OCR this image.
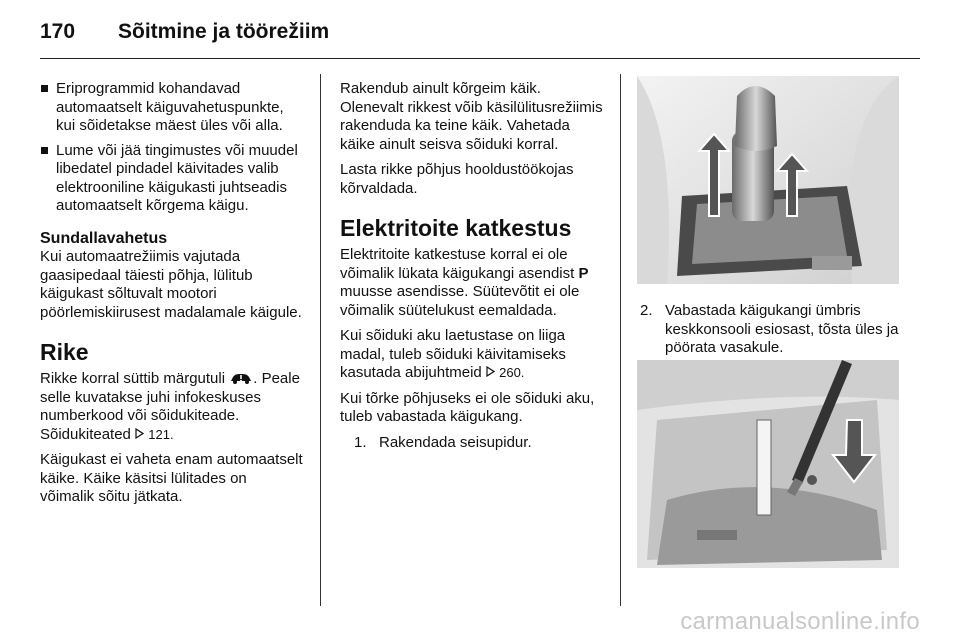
170 Sõitmine ja töörežiim
Eriprogrammid kohandavad automaatselt käiguvahetuspunkte, kui sõidetakse mäest üles või alla.
Lume või jää tingimustes või muudel libedatel pindadel käivitades valib elektrooniline käigukasti juhtseadis automaatselt kõrgema käigu.
Sundallavahetus

Kui automaatrežiimis vajutada gaasipedaal täiesti põhja, lülitub käigukast sõltuvalt mootori pöörlemiskiirusest madalamale käigule.

Rike

Rikke korral süttib märgutuli . Peale selle kuvatakse juhi infokeskuses numberkood või sõidukiteade. Sõidukiteated 121.

Käigukast ei vaheta enam automaatselt käike. Käike käsitsi lülitades on võimalik sõitu jätkata.

Rakendub ainult kõrgeim käik. Olenevalt rikkest võib käsilülitusrežiimis rakenduda ka teine käik. Vahetada käike ainult seisva sõiduki korral.

Lasta rikke põhjus hooldustöökojas kõrvaldada.

Elektritoite katkestus

Elektritoite katkestuse korral ei ole võimalik lükata käigukangi asendist P muusse asendisse. Süütevõtit ei ole võimalik süütelukust eemaldada.

Kui sõiduki aku laetustase on liiga madal, tuleb sõiduki käivitamiseks kasutada abijuhtmeid 260.

Kui tõrke põhjuseks ei ole sõiduki aku, tuleb vabastada käigukang.

1. Rakendada seisupidur.
2. Vabastada käigukangi ümbris keskkonsooli esiosast, tõsta üles ja pöörata vasakule.
carmanualsonline.info
